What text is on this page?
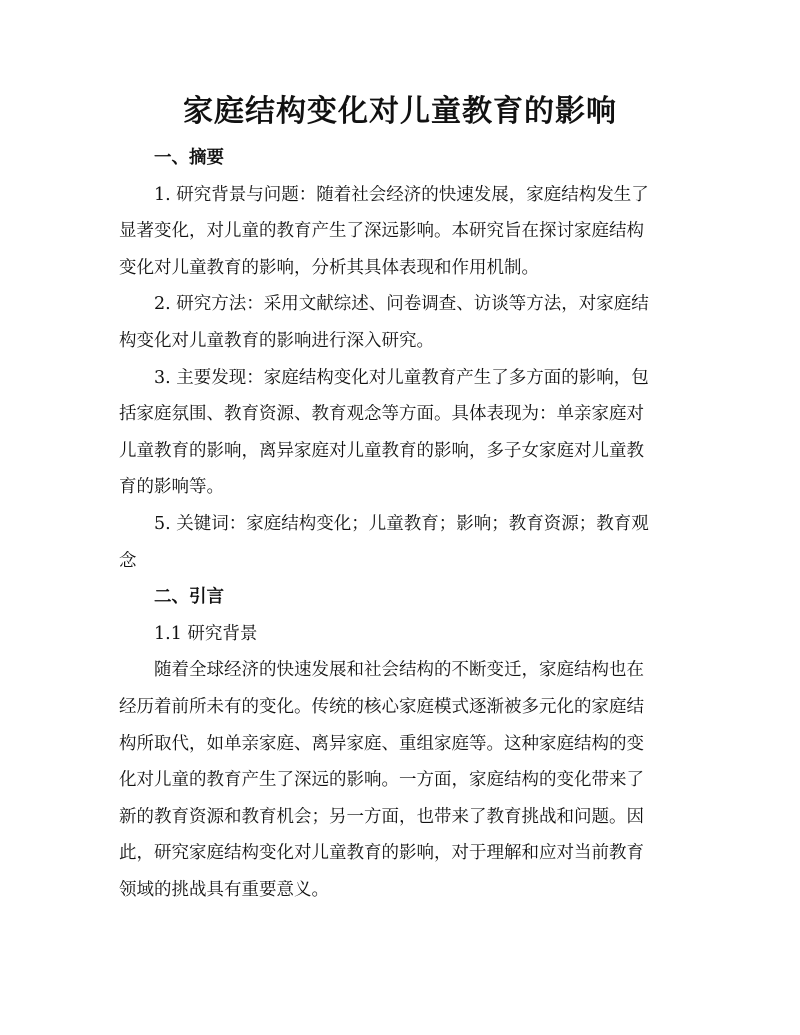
家庭结构变化对儿童教育的影响

一、摘要

1. 研究背景与问题：随着社会经济的快速发展，家庭结构发生了
显著变化，对儿童的教育产生了深远影响。本研究旨在探讨家庭结构
变化对儿童教育的影响，分析其具体表现和作用机制。

2. 研究方法：采用文献综述、问卷调查、访谈等方法，对家庭结
构变化对儿童教育的影响进行深入研究。

3. 主要发现：家庭结构变化对儿童教育产生了多方面的影响，包
括家庭氛围、教育资源、教育观念等方面。具体表现为：单亲家庭对
儿童教育的影响，离异家庭对儿童教育的影响，多子女家庭对儿童教
育的影响等。

5. 关键词：家庭结构变化；儿童教育；影响；教育资源；教育观
念

二、引言

1.1 研究背景

随着全球经济的快速发展和社会结构的不断变迁，家庭结构也在
经历着前所未有的变化。传统的核心家庭模式逐渐被多元化的家庭结
构所取代，如单亲家庭、离异家庭、重组家庭等。这种家庭结构的变
化对儿童的教育产生了深远的影响。一方面，家庭结构的变化带来了
新的教育资源和教育机会；另一方面，也带来了教育挑战和问题。因
此，研究家庭结构变化对儿童教育的影响，对于理解和应对当前教育
领域的挑战具有重要意义。
